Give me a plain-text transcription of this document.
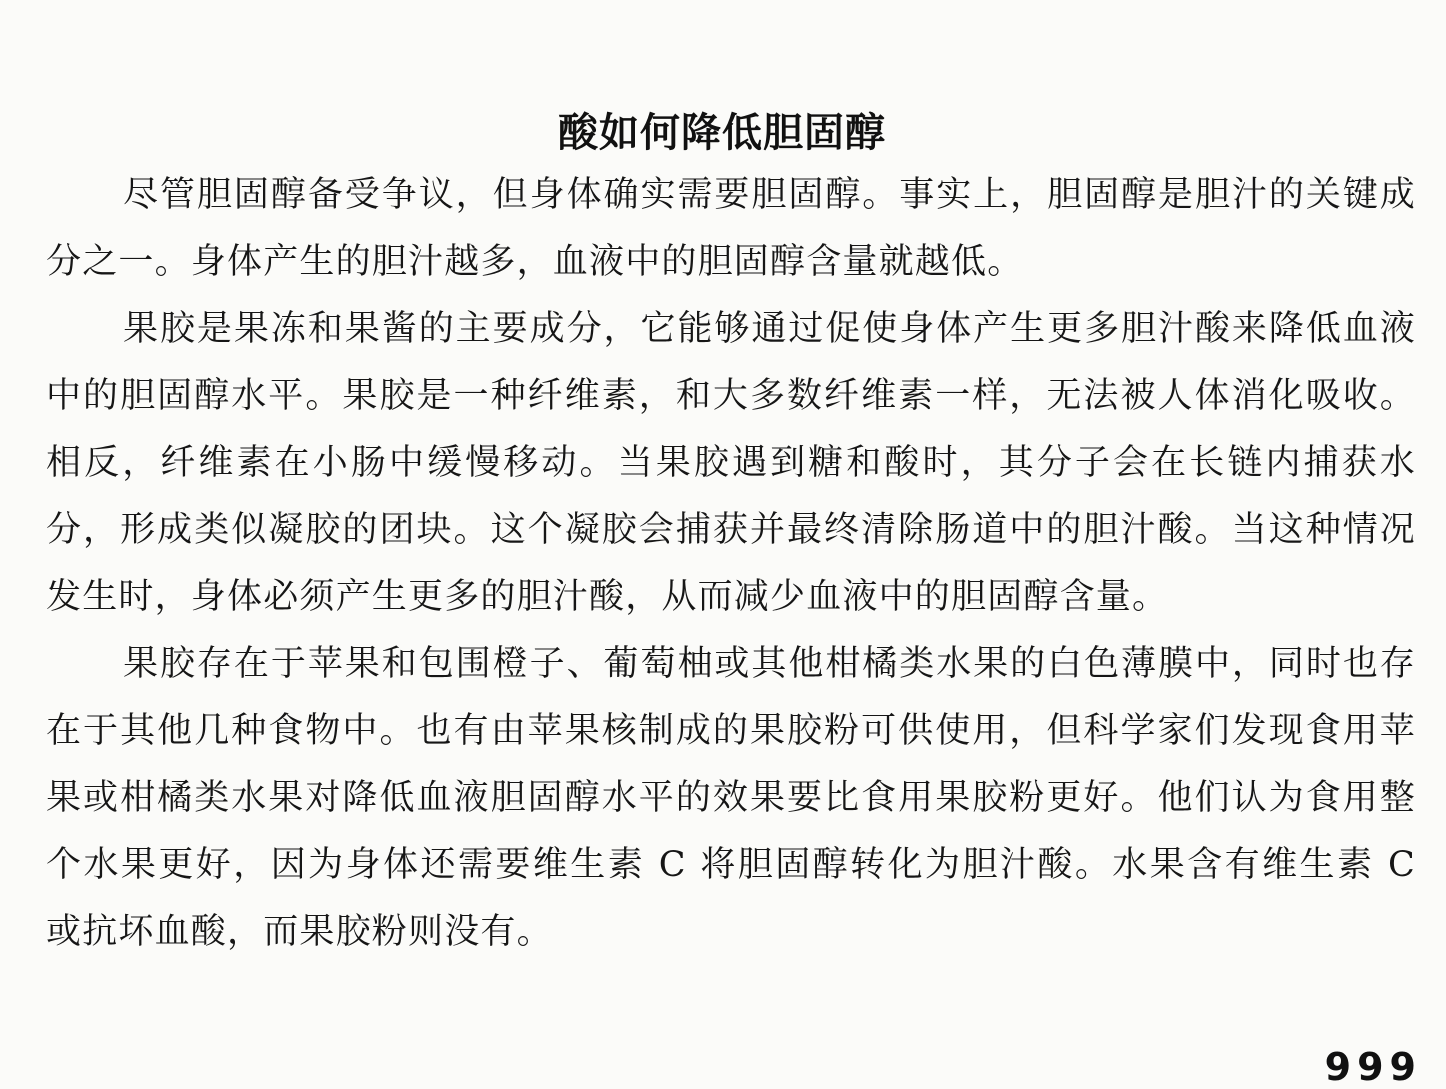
酸如何降低胆固醇

尽管胆固醇备受争议，但身体确实需要胆固醇。事实上，胆固醇是胆汁的关键成分之一。身体产生的胆汁越多，血液中的胆固醇含量就越低。

果胶是果冻和果酱的主要成分，它能够通过促使身体产生更多胆汁酸来降低血液中的胆固醇水平。果胶是一种纤维素，和大多数纤维素一样，无法被人体消化吸收。相反，纤维素在小肠中缓慢移动。当果胶遇到糖和酸时，其分子会在长链内捕获水分，形成类似凝胶的团块。这个凝胶会捕获并最终清除肠道中的胆汁酸。当这种情况发生时，身体必须产生更多的胆汁酸，从而减少血液中的胆固醇含量。

果胶存在于苹果和包围橙子、葡萄柚或其他柑橘类水果的白色薄膜中，同时也存在于其他几种食物中。也有由苹果核制成的果胶粉可供使用，但科学家们发现食用苹果或柑橘类水果对降低血液胆固醇水平的效果要比食用果胶粉更好。他们认为食用整个水果更好，因为身体还需要维生素 C 将胆固醇转化为胆汁酸。水果含有维生素 C 或抗坏血酸，而果胶粉则没有。

999
